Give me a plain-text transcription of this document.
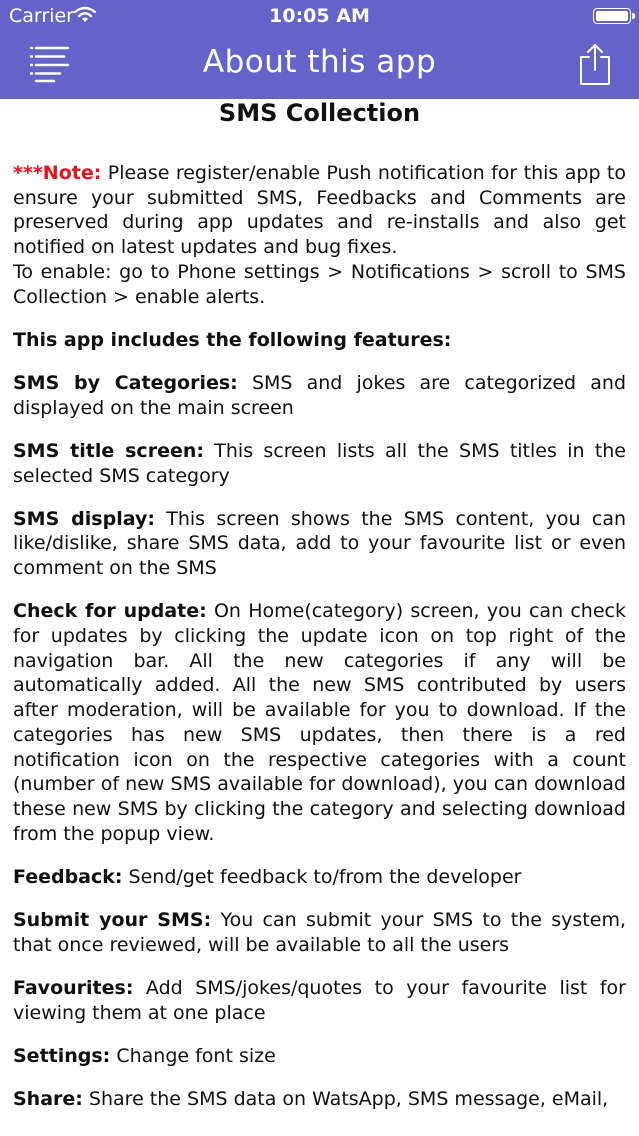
Carrier	10:05 AM
About this app
SMS Collection

***Note: Please register/enable Push notification for this app to ensure your submitted SMS, Feedbacks and Comments are preserved during app updates and re-installs and also get notified on latest updates and bug fixes.

To enable: go to Phone settings > Notifications > scroll to SMS Collection > enable alerts.

This app includes the following features:

SMS by Categories: SMS and jokes are categorized and displayed on the main screen

SMS title screen: This screen lists all the SMS titles in the selected SMS category

SMS display: This screen shows the SMS content, you can like/dislike, share SMS data, add to your favourite list or even comment on the SMS

Check for update: On Home(category) screen, you can check for updates by clicking the update icon on top right of the navigation bar. All the new categories if any will be automatically added. All the new SMS contributed by users after moderation, will be available for you to download. If the categories has new SMS updates, then there is a red notification icon on the respective categories with a count (number of new SMS available for download), you can download these new SMS by clicking the category and selecting download from the popup view.

Feedback: Send/get feedback to/from the developer

Submit your SMS: You can submit your SMS to the system, that once reviewed, will be available to all the users

Favourites: Add SMS/jokes/quotes to your favourite list for viewing them at one place

Settings: Change font size

Share: Share the SMS data on WatsApp, SMS message, eMail,
